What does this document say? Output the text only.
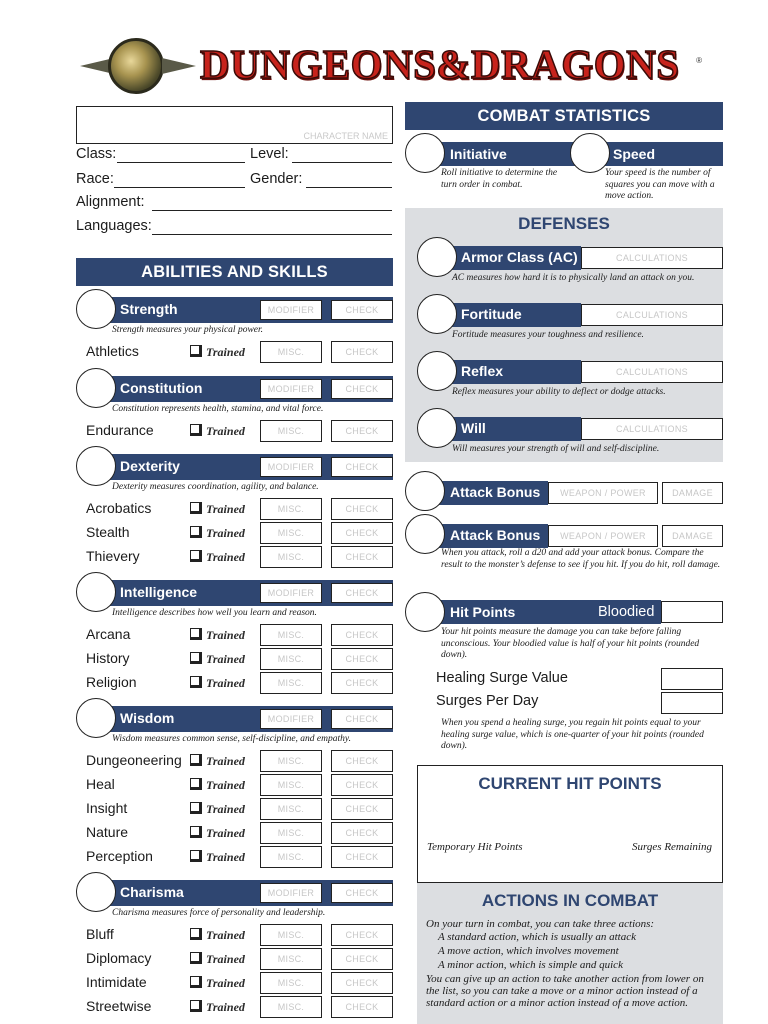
DUNGEONS&DRAGONS ®
CHARACTER NAME
Class:	Level:
Race:	Gender:
Alignment:
Languages:
ABILITIES AND SKILLS
Strength	MODIFIER	CHECK
Strength measures your physical power.
Athletics	Trained	MISC.	CHECK
Constitution	MODIFIER	CHECK
Constitution represents health, stamina, and vital force.
Endurance	Trained	MISC.	CHECK
Dexterity	MODIFIER	CHECK
Dexterity measures coordination, agility, and balance.
Acrobatics	Trained	MISC.	CHECK
Stealth	Trained	MISC.	CHECK
Thievery	Trained	MISC.	CHECK
Intelligence	MODIFIER	CHECK
Intelligence describes how well you learn and reason.
Arcana	Trained	MISC.	CHECK
History	Trained	MISC.	CHECK
Religion	Trained	MISC.	CHECK
Wisdom	MODIFIER	CHECK
Wisdom measures common sense, self-discipline, and empathy.
Dungeoneering Trained	MISC.	CHECK
Heal	Trained	MISC.	CHECK
Insight	Trained	MISC.	CHECK
Nature	Trained	MISC.	CHECK
Perception	Trained	MISC.	CHECK
Charisma	MODIFIER	CHECK
Charisma measures force of personality and leadership.
Bluff	Trained	MISC.	CHECK
Diplomacy	Trained	MISC.	CHECK
Intimidate	Trained	MISC.	CHECK
Streetwise	Trained	MISC.	CHECK
COMBAT STATISTICS
Initiative
Roll initiative to determine the turn order in combat.
Speed
Your speed is the number of squares you can move with a move action.
DEFENSES
Armor Class (AC)	CALCULATIONS
AC measures how hard it is to physically land an attack on you.
Fortitude	CALCULATIONS
Fortitude measures your toughness and resilience.
Reflex	CALCULATIONS
Reflex measures your ability to deflect or dodge attacks.
Will	CALCULATIONS
Will measures your strength of will and self-discipline.
Attack Bonus	WEAPON / POWER	DAMAGE
Attack Bonus	WEAPON / POWER	DAMAGE
When you attack, roll a d20 and add your attack bonus. Compare the result to the monster’s defense to see if you hit. If you do hit, roll damage.
Hit Points	Bloodied
Your hit points measure the damage you can take before falling unconscious. Your bloodied value is half of your hit points (rounded down).
Healing Surge Value
Surges Per Day
When you spend a healing surge, you regain hit points equal to your healing surge value, which is one-quarter of your hit points (rounded down).
CURRENT HIT POINTS
Temporary Hit Points	Surges Remaining
ACTIONS IN COMBAT
On your turn in combat, you can take three actions:
A standard action, which is usually an attack
A move action, which involves movement
A minor action, which is simple and quick
You can give up an action to take another action from lower on the list, so you can take a move or a minor action instead of a standard action or a minor action instead of a move action.
